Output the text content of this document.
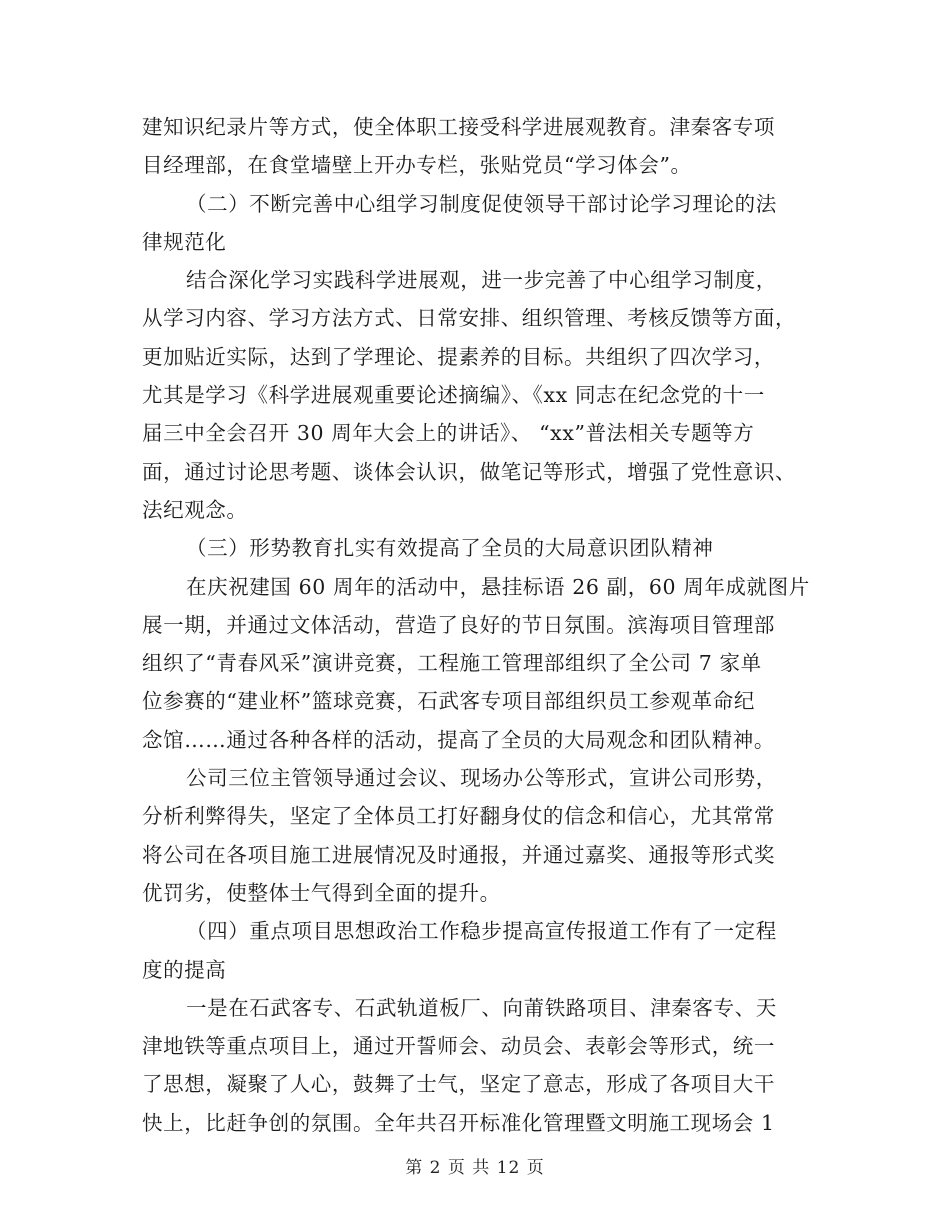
建知识纪录片等方式，使全体职工接受科学进展观教育。津秦客专项
目经理部，在食堂墙壁上开办专栏，张贴党员“学习体会”。
（二）不断完善中心组学习制度促使领导干部讨论学习理论的法
律规范化
结合深化学习实践科学进展观，进一步完善了中心组学习制度，
从学习内容、学习方法方式、日常安排、组织管理、考核反馈等方面，
更加贴近实际，达到了学理论、提素养的目标。共组织了四次学习，
尤其是学习《科学进展观重要论述摘编》、《xx 同志在纪念党的十一
届三中全会召开 30 周年大会上的讲话》、 “xx”普法相关专题等方
面，通过讨论思考题、谈体会认识，做笔记等形式，增强了党性意识、
法纪观念。
（三）形势教育扎实有效提高了全员的大局意识团队精神
在庆祝建国 60 周年的活动中，悬挂标语 26 副，60 周年成就图片
展一期，并通过文体活动，营造了良好的节日氛围。滨海项目管理部
组织了“青春风采”演讲竞赛，工程施工管理部组织了全公司 7 家单
位参赛的“建业杯”篮球竞赛，石武客专项目部组织员工参观革命纪
念馆……通过各种各样的活动，提高了全员的大局观念和团队精神。
公司三位主管领导通过会议、现场办公等形式，宣讲公司形势，
分析利弊得失，坚定了全体员工打好翻身仗的信念和信心，尤其常常
将公司在各项目施工进展情况及时通报，并通过嘉奖、通报等形式奖
优罚劣，使整体士气得到全面的提升。
（四）重点项目思想政治工作稳步提高宣传报道工作有了一定程
度的提高
一是在石武客专、石武轨道板厂、向莆铁路项目、津秦客专、天
津地铁等重点项目上，通过开誓师会、动员会、表彰会等形式，统一
了思想，凝聚了人心，鼓舞了士气，坚定了意志，形成了各项目大干
快上，比赶争创的氛围。全年共召开标准化管理暨文明施工现场会 1
第 2 页 共 12 页
